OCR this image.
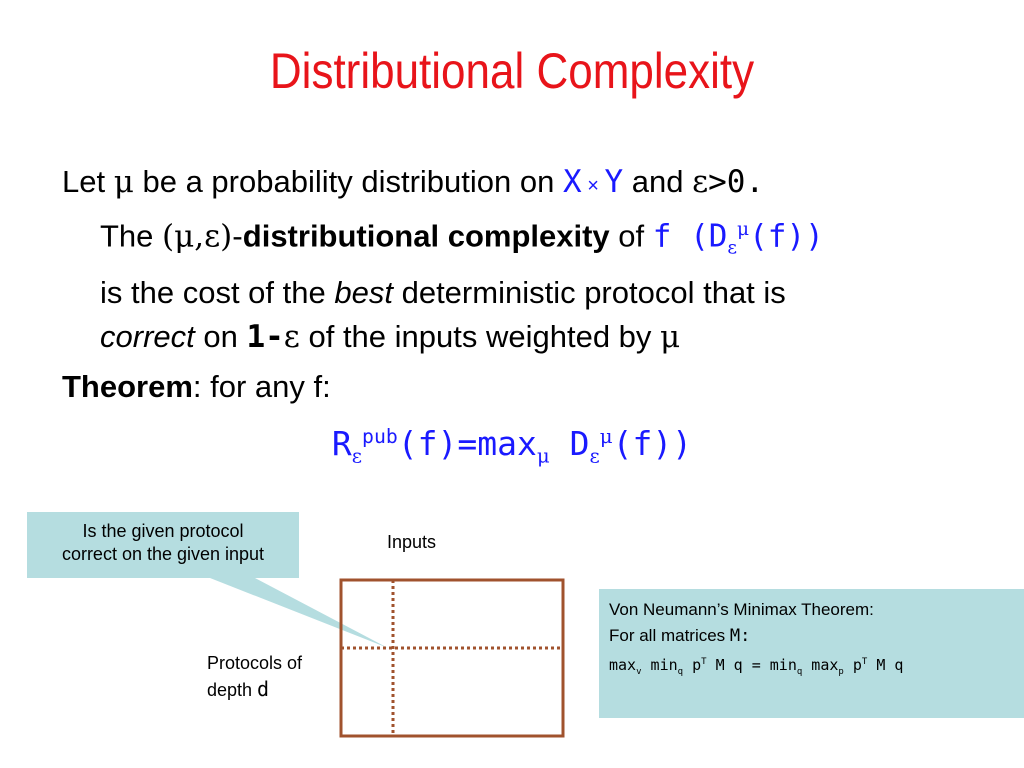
Distributional Complexity
Let μ be a probability distribution on X × Y and ε>0.
The (μ,ε)-distributional complexity of f $(D_\varepsilon^\mu(f))$
is the cost of the best deterministic protocol that is
correct on 1-ε of the inputs weighted by μ
Theorem: for any f:
$R_\varepsilon^{pub}(f)=\max_\mu$ $D_\varepsilon^\mu(f)$)
Is the given protocol
correct on the given input
Inputs
Protocols of
depth d
Von Neumann’s Minimax Theorem:
For all matrices M:
$\max_v \min_q p^T$ M $q = \min_q \max_p p^T$ M q
